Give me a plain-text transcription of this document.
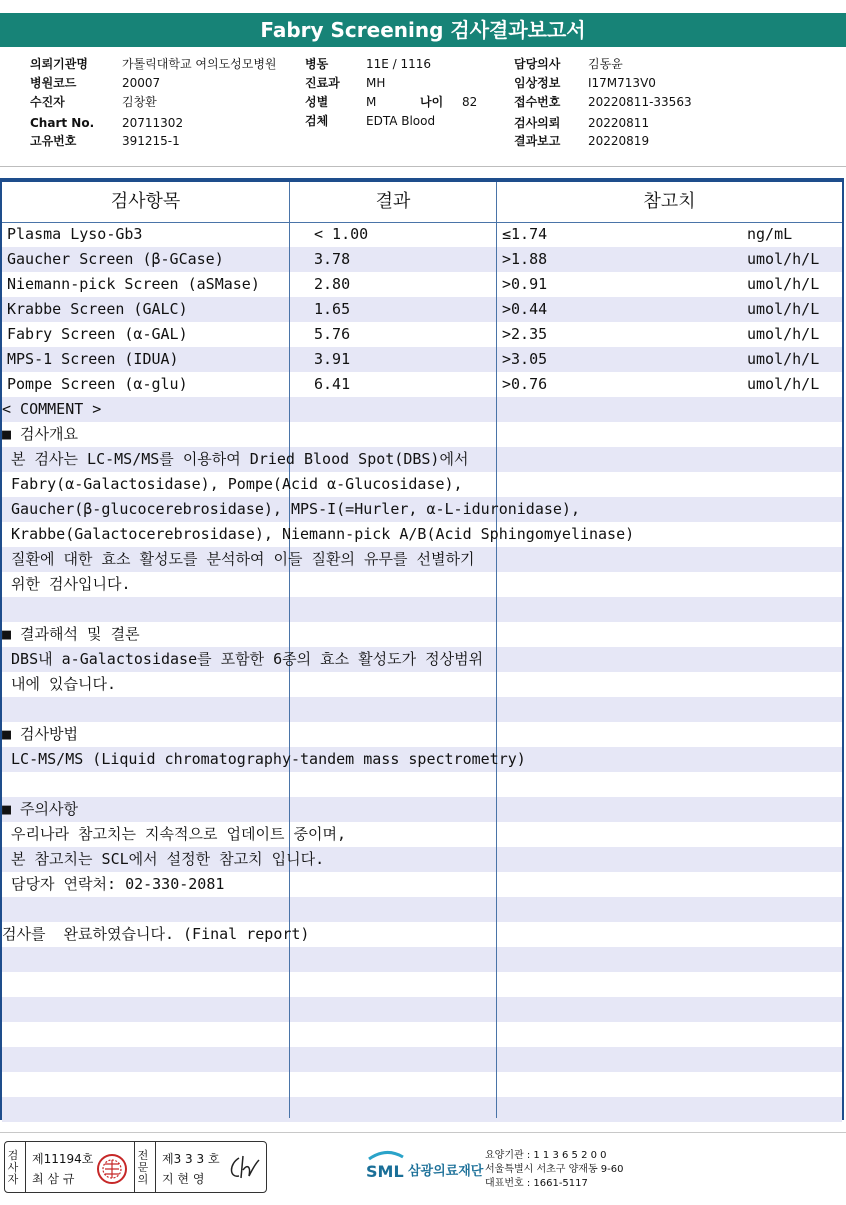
Fabry Screening 검사결과보고서
의뢰기관명	가톨릭대학교 여의도성모병원
병원코드	20007
수진자	김창환
Chart No. 20711302
고유번호	391215-1
병동	11E / 1116
진료과 MH
성별	M	나이 82
검체	EDTA Blood
담당의사 김동윤
임상정보 I17M713V0
접수번호 20220811-33563
검사의뢰 20220811
결과보고 20220819
검사항목	결과	참고치
Plasma Lyso-Gb3	< 1.00	≤1.74	ng/mL
Gaucher Screen (β-GCase)	3.78	>1.88	umol/h/L
Niemann-pick Screen (aSMase)	2.80	>0.91	umol/h/L
Krabbe Screen (GALC)	1.65	>0.44	umol/h/L
Fabry Screen (α-GAL)	5.76	>2.35	umol/h/L
MPS-1 Screen (IDUA)	3.91	>3.05	umol/h/L
Pompe Screen (α-glu)	6.41	>0.76	umol/h/L
< COMMENT >
■ 검사개요
본 검사는 LC-MS/MS를 이용하여 Dried Blood Spot(DBS)에서
Fabry(α-Galactosidase), Pompe(Acid α-Glucosidase),
Gaucher(β-glucocerebrosidase), MPS-I(=Hurler, α-L-iduronidase),
Krabbe(Galactocerebrosidase), Niemann-pick A/B(Acid Sphingomyelinase)
질환에 대한 효소 활성도를 분석하여 이들 질환의 유무를 선별하기
위한 검사입니다.
■ 결과해석 및 결론
DBS내 a-Galactosidase를 포함한 6종의 효소 활성도가 정상범위
내에 있습니다.
■ 검사방법
LC-MS/MS (Liquid chromatography-tandem mass spectrometry)
■ 주의사항
우리나라 참고치는 지속적으로 업데이트 중이며,
본 참고치는 SCL에서 설정한 참고치 입니다.
담당자 연락처: 02-330-2081
검사를  완료하였습니다. (Final report)
검사자
제11194호
최 삼 규
전문의
제3 3 3 호
지 현 영	SML 삼광의료재단
요양기관 : 1 1 3 6 5 2 0 0
서울특별시 서초구 양재동 9-60
대표번호 : 1661-5117
